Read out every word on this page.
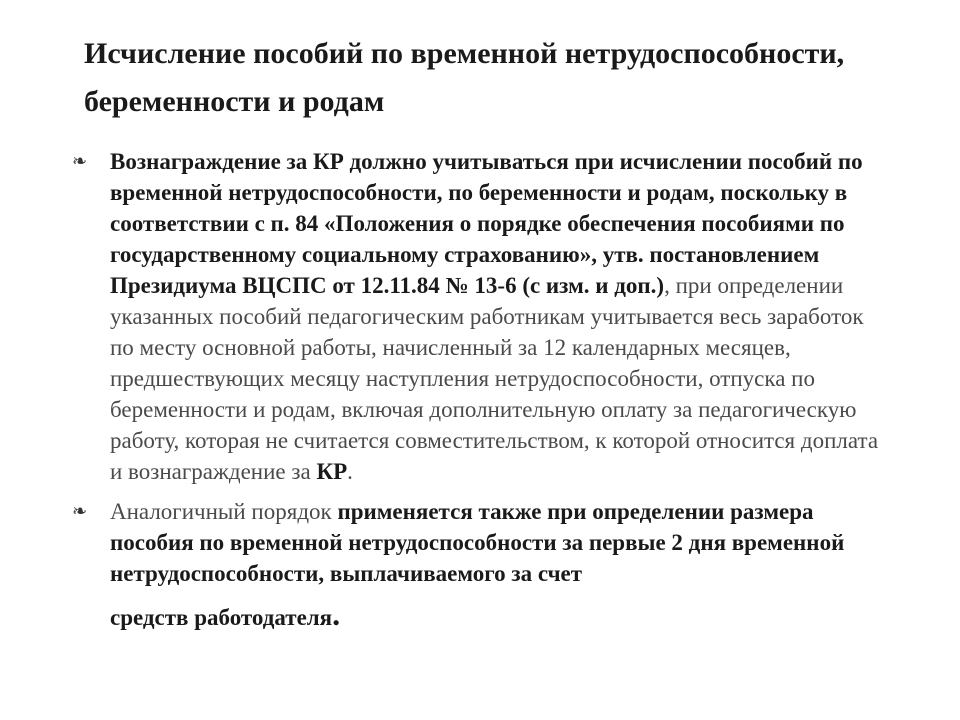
Исчисление пособий по временной нетрудоспособности, беременности и родам
❧ Вознаграждение за КР должно учитываться при исчислении пособий по временной нетрудоспособности, по беременности и родам, поскольку в соответствии с п. 84 «Положения о порядке обеспечения пособиями по государственному социальному страхованию», утв. постановлением Президиума ВЦСПС от 12.11.84 № 13-6 (с изм. и доп.), при определении указанных пособий педагогическим работникам учитывается весь заработок по месту основной работы, начисленный за 12 календарных месяцев, предшествующих месяцу наступления нетрудоспособности, отпуска по беременности и родам, включая дополнительную оплату за педагогическую работу, которая не считается совместительством, к которой относится доплата и вознаграждение за КР.
❧ Аналогичный порядок применяется также при определении размера пособия по временной нетрудоспособности за первые 2 дня временной нетрудоспособности, выплачиваемого за счет
средств работодателя.
